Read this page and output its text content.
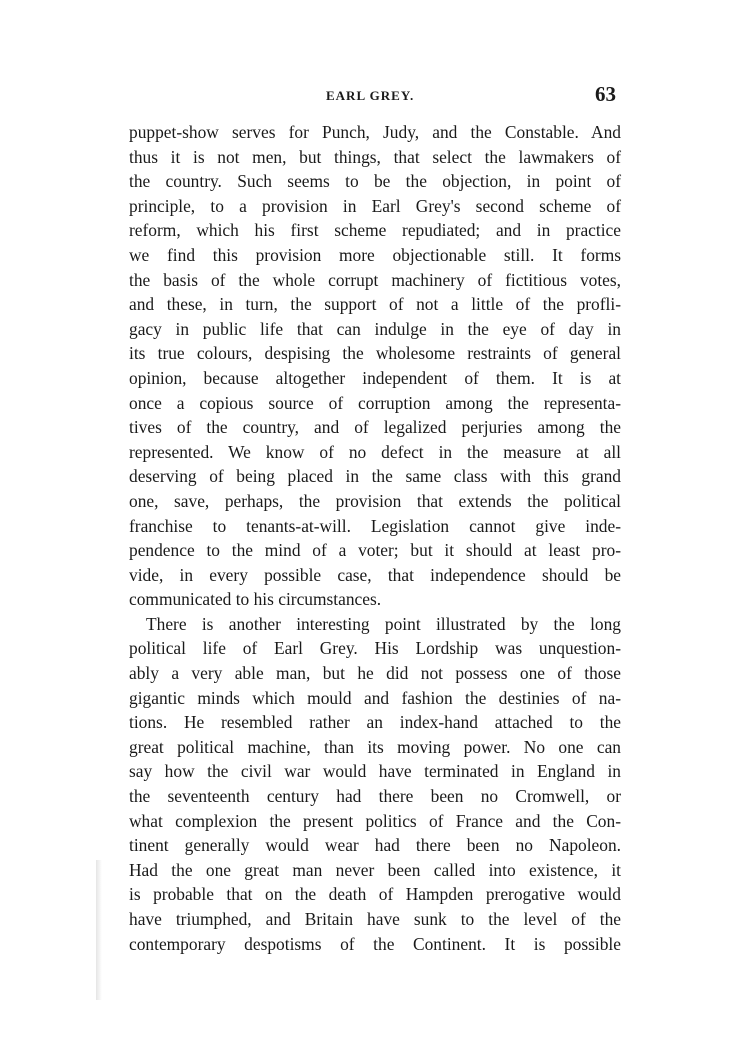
EARL GREY.	63
puppet-show serves for Punch, Judy, and the Constable. And
thus it is not men, but things, that select the lawmakers of
the country. Such seems to be the objection, in point of
principle, to a provision in Earl Grey's second scheme of
reform, which his first scheme repudiated; and in practice
we find this provision more objectionable still. It forms
the basis of the whole corrupt machinery of fictitious votes,
and these, in turn, the support of not a little of the profli-
gacy in public life that can indulge in the eye of day in
its true colours, despising the wholesome restraints of general
opinion, because altogether independent of them. It is at
once a copious source of corruption among the representa-
tives of the country, and of legalized perjuries among the
represented. We know of no defect in the measure at all
deserving of being placed in the same class with this grand
one, save, perhaps, the provision that extends the political
franchise to tenants-at-will. Legislation cannot give inde-
pendence to the mind of a voter; but it should at least pro-
vide, in every possible case, that independence should be
communicated to his circumstances.
There is another interesting point illustrated by the long
political life of Earl Grey. His Lordship was unquestion-
ably a very able man, but he did not possess one of those
gigantic minds which mould and fashion the destinies of na-
tions. He resembled rather an index-hand attached to the
great political machine, than its moving power. No one can
say how the civil war would have terminated in England in
the seventeenth century had there been no Cromwell, or
what complexion the present politics of France and the Con-
tinent generally would wear had there been no Napoleon.
Had the one great man never been called into existence, it
is probable that on the death of Hampden prerogative would
have triumphed, and Britain have sunk to the level of the
contemporary despotisms of the Continent. It is possible
